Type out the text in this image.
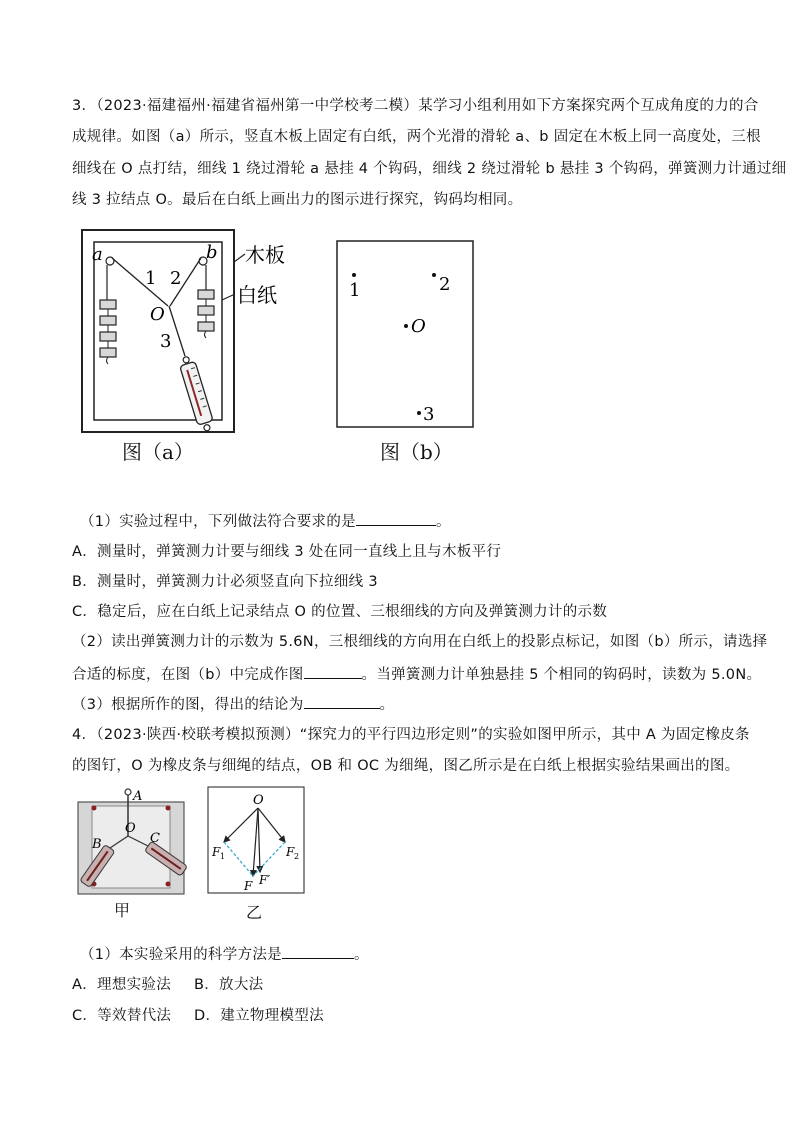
3．（2023·福建福州·福建省福州第一中学校考二模）某学习小组利用如下方案探究两个互成角度的力的合
成规律。如图（a）所示，竖直木板上固定有白纸，两个光滑的滑轮 a、b 固定在木板上同一高度处，三根
细线在 O 点打结，细线 1 绕过滑轮 a 悬挂 4 个钩码，细线 2 绕过滑轮 b 悬挂 3 个钩码，弹簧测力计通过细
线 3 拉结点 O。最后在白纸上画出力的图示进行探究，钩码均相同。
a	b
1 2
O
3
木板
白纸
图（a）
1	2
O
3
图（b）
（1）实验过程中，下列做法符合要求的是	。
A．测量时，弹簧测力计要与细线 3 处在同一直线上且与木板平行
B．测量时，弹簧测力计必须竖直向下拉细线 3
C．稳定后，应在白纸上记录结点 O 的位置、三根细线的方向及弹簧测力计的示数
（2）读出弹簧测力计的示数为 5.6N，三根细线的方向用在白纸上的投影点标记，如图（b）所示，请选择
合适的标度，在图（b）中完成作图	。当弹簧测力计单独悬挂 5 个相同的钩码时，读数为 5.0N。
（3）根据所作的图，得出的结论为	。
4．（2023·陕西·校联考模拟预测）“探究力的平行四边形定则”的实验如图甲所示，其中 A 为固定橡皮条
的图钉，O 为橡皮条与细绳的结点，OB 和 OC 为细绳，图乙所示是在白纸上根据实验结果画出的图。
A
O
B	C
甲
O
F 1	F 2
F F′
乙
（1）本实验采用的科学方法是	。
A．理想实验法 B．放大法
C．等效替代法 D．建立物理模型法
